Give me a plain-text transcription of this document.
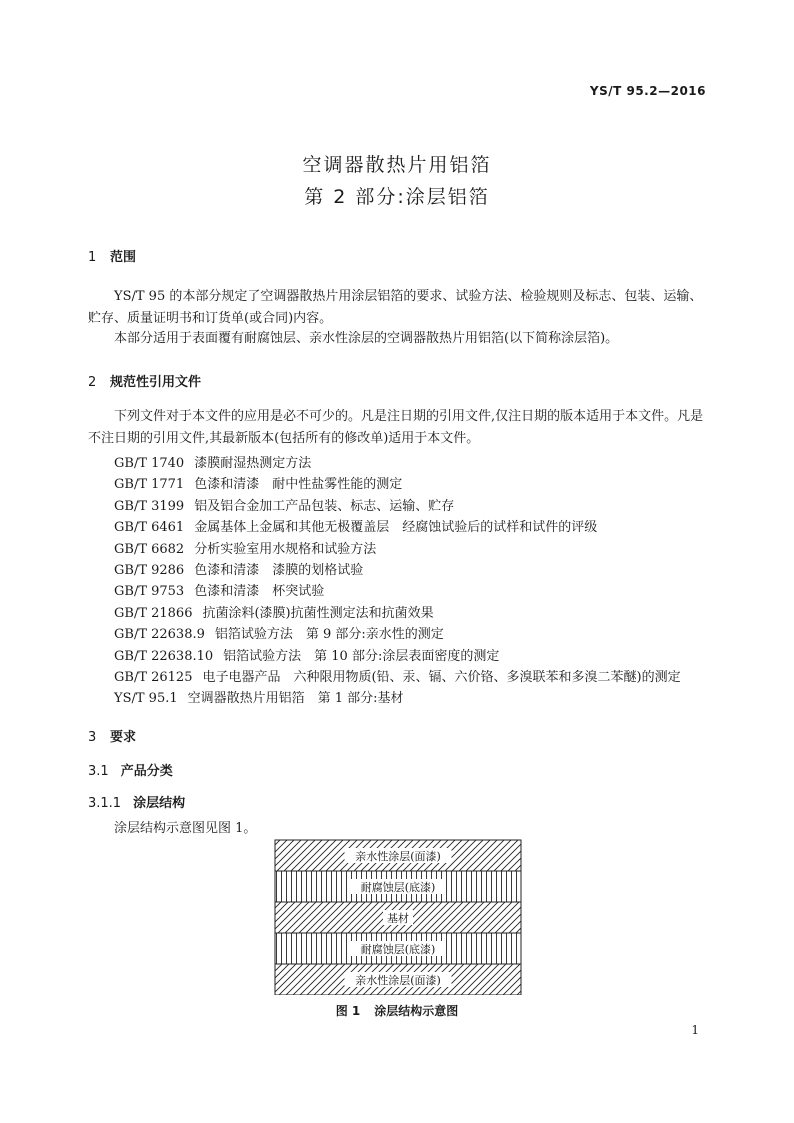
YS/T 95.2—2016
空调器散热片用铝箔
第 2 部分:涂层铝箔
1 范围
YS/T 95 的本部分规定了空调器散热片用涂层铝箔的要求、试验方法、检验规则及标志、包装、运输、贮存、质量证明书和订货单(或合同)内容。
本部分适用于表面覆有耐腐蚀层、亲水性涂层的空调器散热片用铝箔(以下简称涂层箔)。
2 规范性引用文件
下列文件对于本文件的应用是必不可少的。凡是注日期的引用文件,仅注日期的版本适用于本文件。凡是不注日期的引用文件,其最新版本(包括所有的修改单)适用于本文件。
GB/T 1740 漆膜耐湿热测定方法
GB/T 1771 色漆和清漆　耐中性盐雾性能的测定
GB/T 3199 铝及铝合金加工产品包装、标志、运输、贮存
GB/T 6461 金属基体上金属和其他无极覆盖层　经腐蚀试验后的试样和试件的评级
GB/T 6682 分析实验室用水规格和试验方法
GB/T 9286 色漆和清漆　漆膜的划格试验
GB/T 9753 色漆和清漆　杯突试验
GB/T 21866 抗菌涂料(漆膜)抗菌性测定法和抗菌效果
GB/T 22638.9 铝箔试验方法　第 9 部分:亲水性的测定
GB/T 22638.10 铝箔试验方法　第 10 部分:涂层表面密度的测定
GB/T 26125 电子电器产品　六种限用物质(铅、汞、镉、六价铬、多溴联苯和多溴二苯醚)的测定
YS/T 95.1 空调器散热片用铝箔　第 1 部分:基材
3 要求
3.1 产品分类
3.1.1 涂层结构
涂层结构示意图见图 1。
亲水性涂层(面漆)
耐腐蚀层(底漆)
基材
耐腐蚀层(底漆)
亲水性涂层(面漆)
图 1 涂层结构示意图
1
